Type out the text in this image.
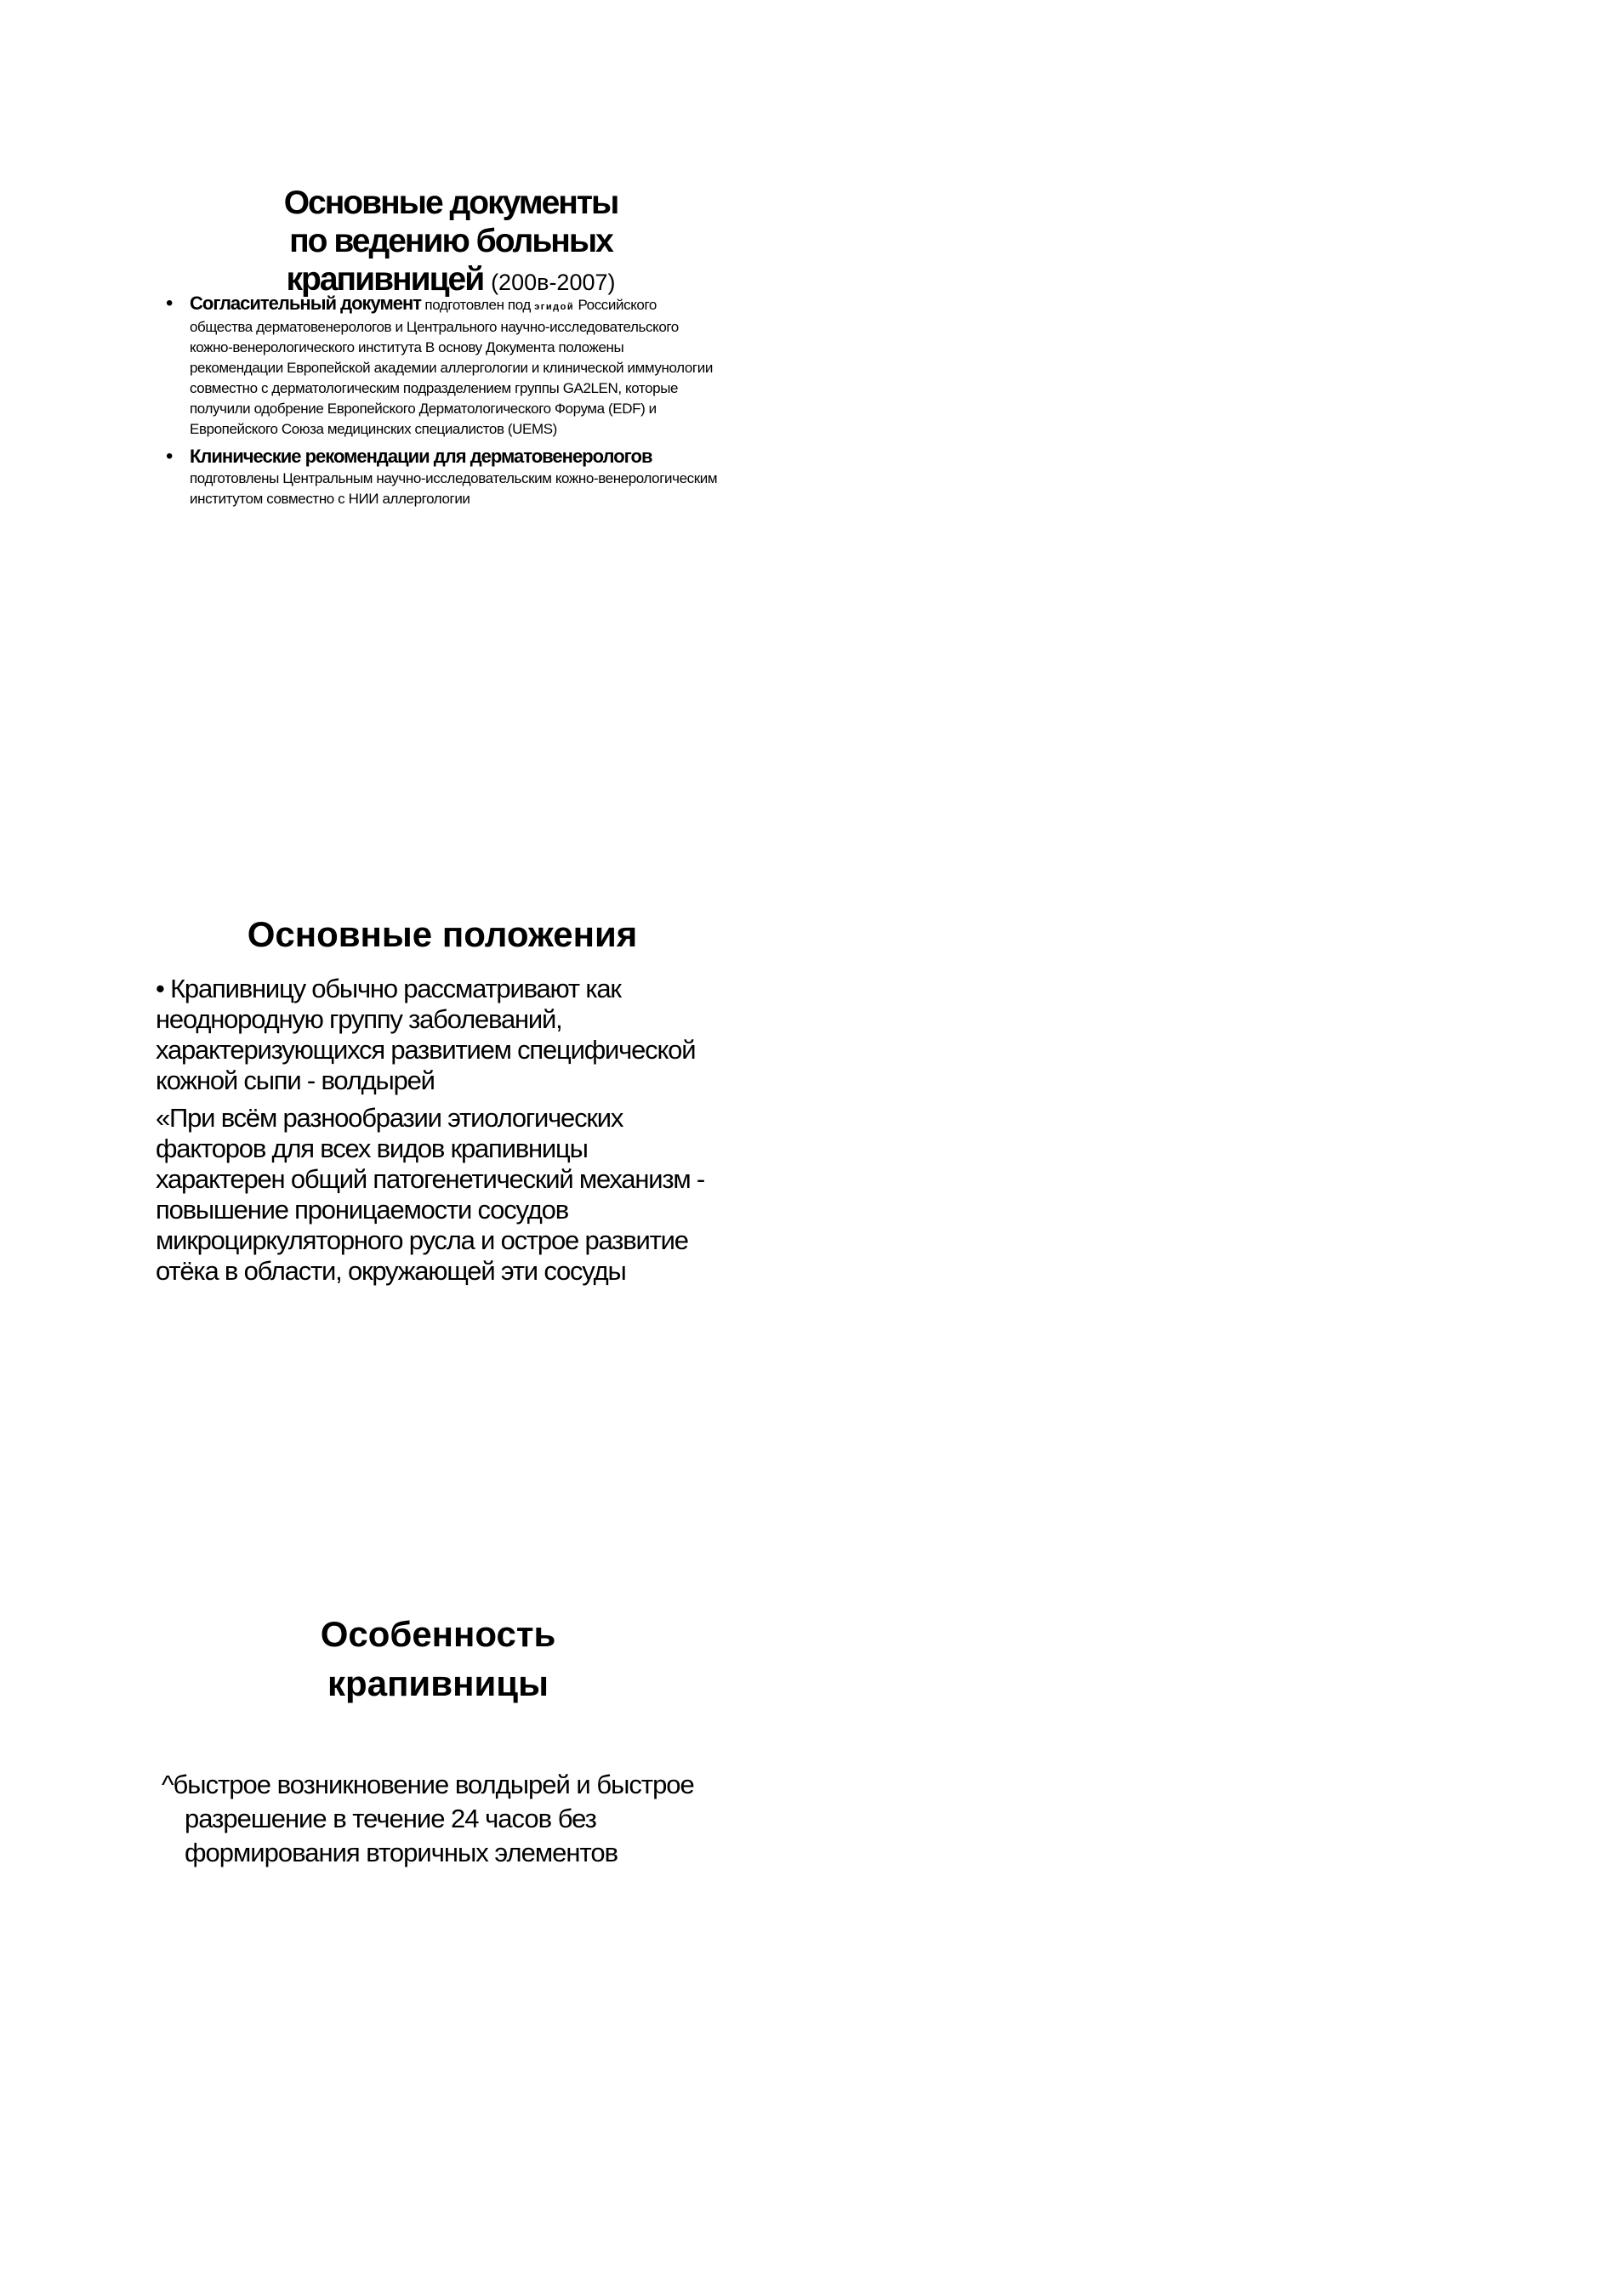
Основные документы
по ведению больных
крапивницей (200в-2007)
• Согласительный документ подготовлен под эгидой Российского общества дерматовенерологов и Центрального научно-исследовательского кожно-венерологического института В основу Документа положены рекомендации Европейской академии аллергологии и клинической иммунологии совместно с дерматологическим подразделением группы GA2LEN, которые получили одобрение Европейского Дерматологического Форума (EDF) и Европейского Союза медицинских специалистов (UEMS)
• Клинические рекомендации для дерматовенерологов подготовлены Центральным научно-исследовательским кожно-венерологическим институтом совместно с НИИ аллергологии
Основные положения

• Крапивницу обычно рассматривают как неоднородную группу заболеваний, характеризующихся развитием специфической кожной сыпи - волдырей

«При всём разнообразии этиологических факторов для всех видов крапивницы характерен общий патогенетический механизм - повышение проницаемости сосудов микроциркуляторного русла и острое развитие отёка в области, окружающей эти сосуды

Особенность
крапивницы

^быстрое возникновение волдырей и быстрое разрешение в течение 24 часов без формирования вторичных элементов
